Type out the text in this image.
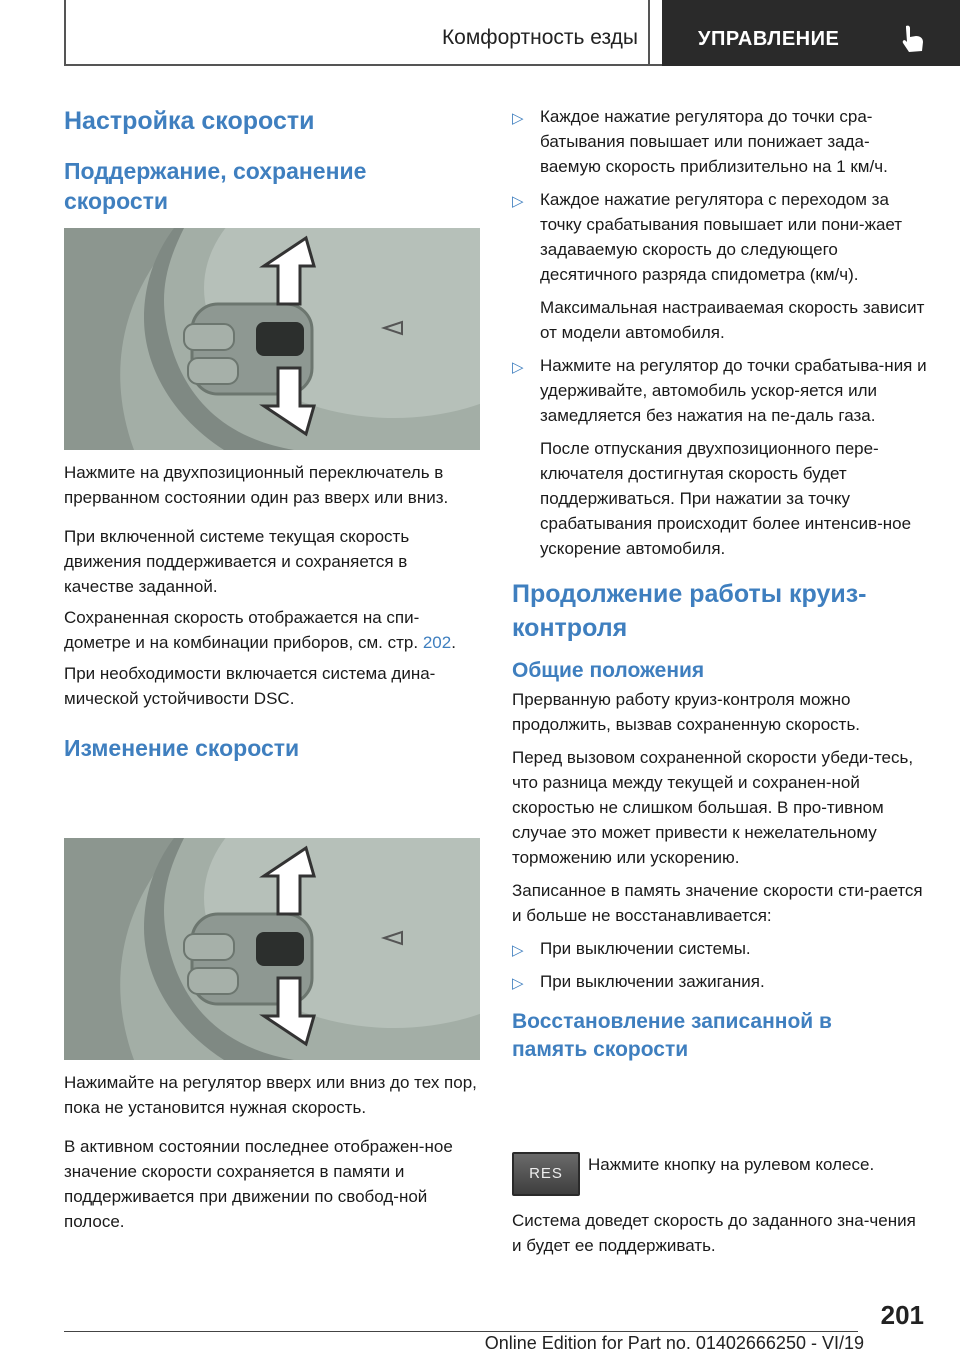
Комфортность езды	УПРАВЛЕНИЕ
Настройка скорости
Поддержание, сохранение скорости

Нажмите на двухпозиционный переключатель в прерванном состоянии один раз вверх или вниз.

При включенной системе текущая скорость движения поддерживается и сохраняется в качестве заданной.

Сохраненная скорость отображается на спи-дометре и на комбинации приборов, см. стр. 202.

При необходимости включается система дина-мической устойчивости DSC.

Изменение скорости

Нажимайте на регулятор вверх или вниз до тех пор, пока не установится нужная скорость.

В активном состоянии последнее отображен-ное значение скорости сохраняется в памяти и поддерживается при движении по свобод-ной полосе.

▷ Каждое нажатие регулятора до точки сра-батывания повышает или понижает зада-ваемую скорость приблизительно на 1 км/ч.
▷ Каждое нажатие регулятора с переходом за точку срабатывания повышает или пони-жает задаваемую скорость до следующего десятичного разряда спидометра (км/ч).

Максимальная настраиваемая скорость зависит от модели автомобиля.

▷ Нажмите на регулятор до точки срабатыва-ния и удерживайте, автомобиль ускор-яется или замедляется без нажатия на пе-даль газа.

После отпускания двухпозиционного пере-ключателя достигнутая скорость будет поддерживаться. При нажатии за точку срабатывания происходит более интенсив-ное ускорение автомобиля.

Продолжение работы круиз-контроля
Общие положения

Прерванную работу круиз-контроля можно продолжить, вызвав сохраненную скорость.

Перед вызовом сохраненной скорости убеди-тесь, что разница между текущей и сохранен-ной скоростью не слишком большая. В про-тивном случае это может привести к нежелательному торможению или ускорению.

Записанное в память значение скорости сти-рается и больше не восстанавливается:

▷ При выключении системы.
▷ При выключении зажигания.
Восстановление записанной в память скорости
RES	Нажмите кнопку на рулевом колесе.

Система доведет скорость до заданного зна-чения и будет ее поддерживать.

201
Online Edition for Part no. 01402666250 - VI/19
